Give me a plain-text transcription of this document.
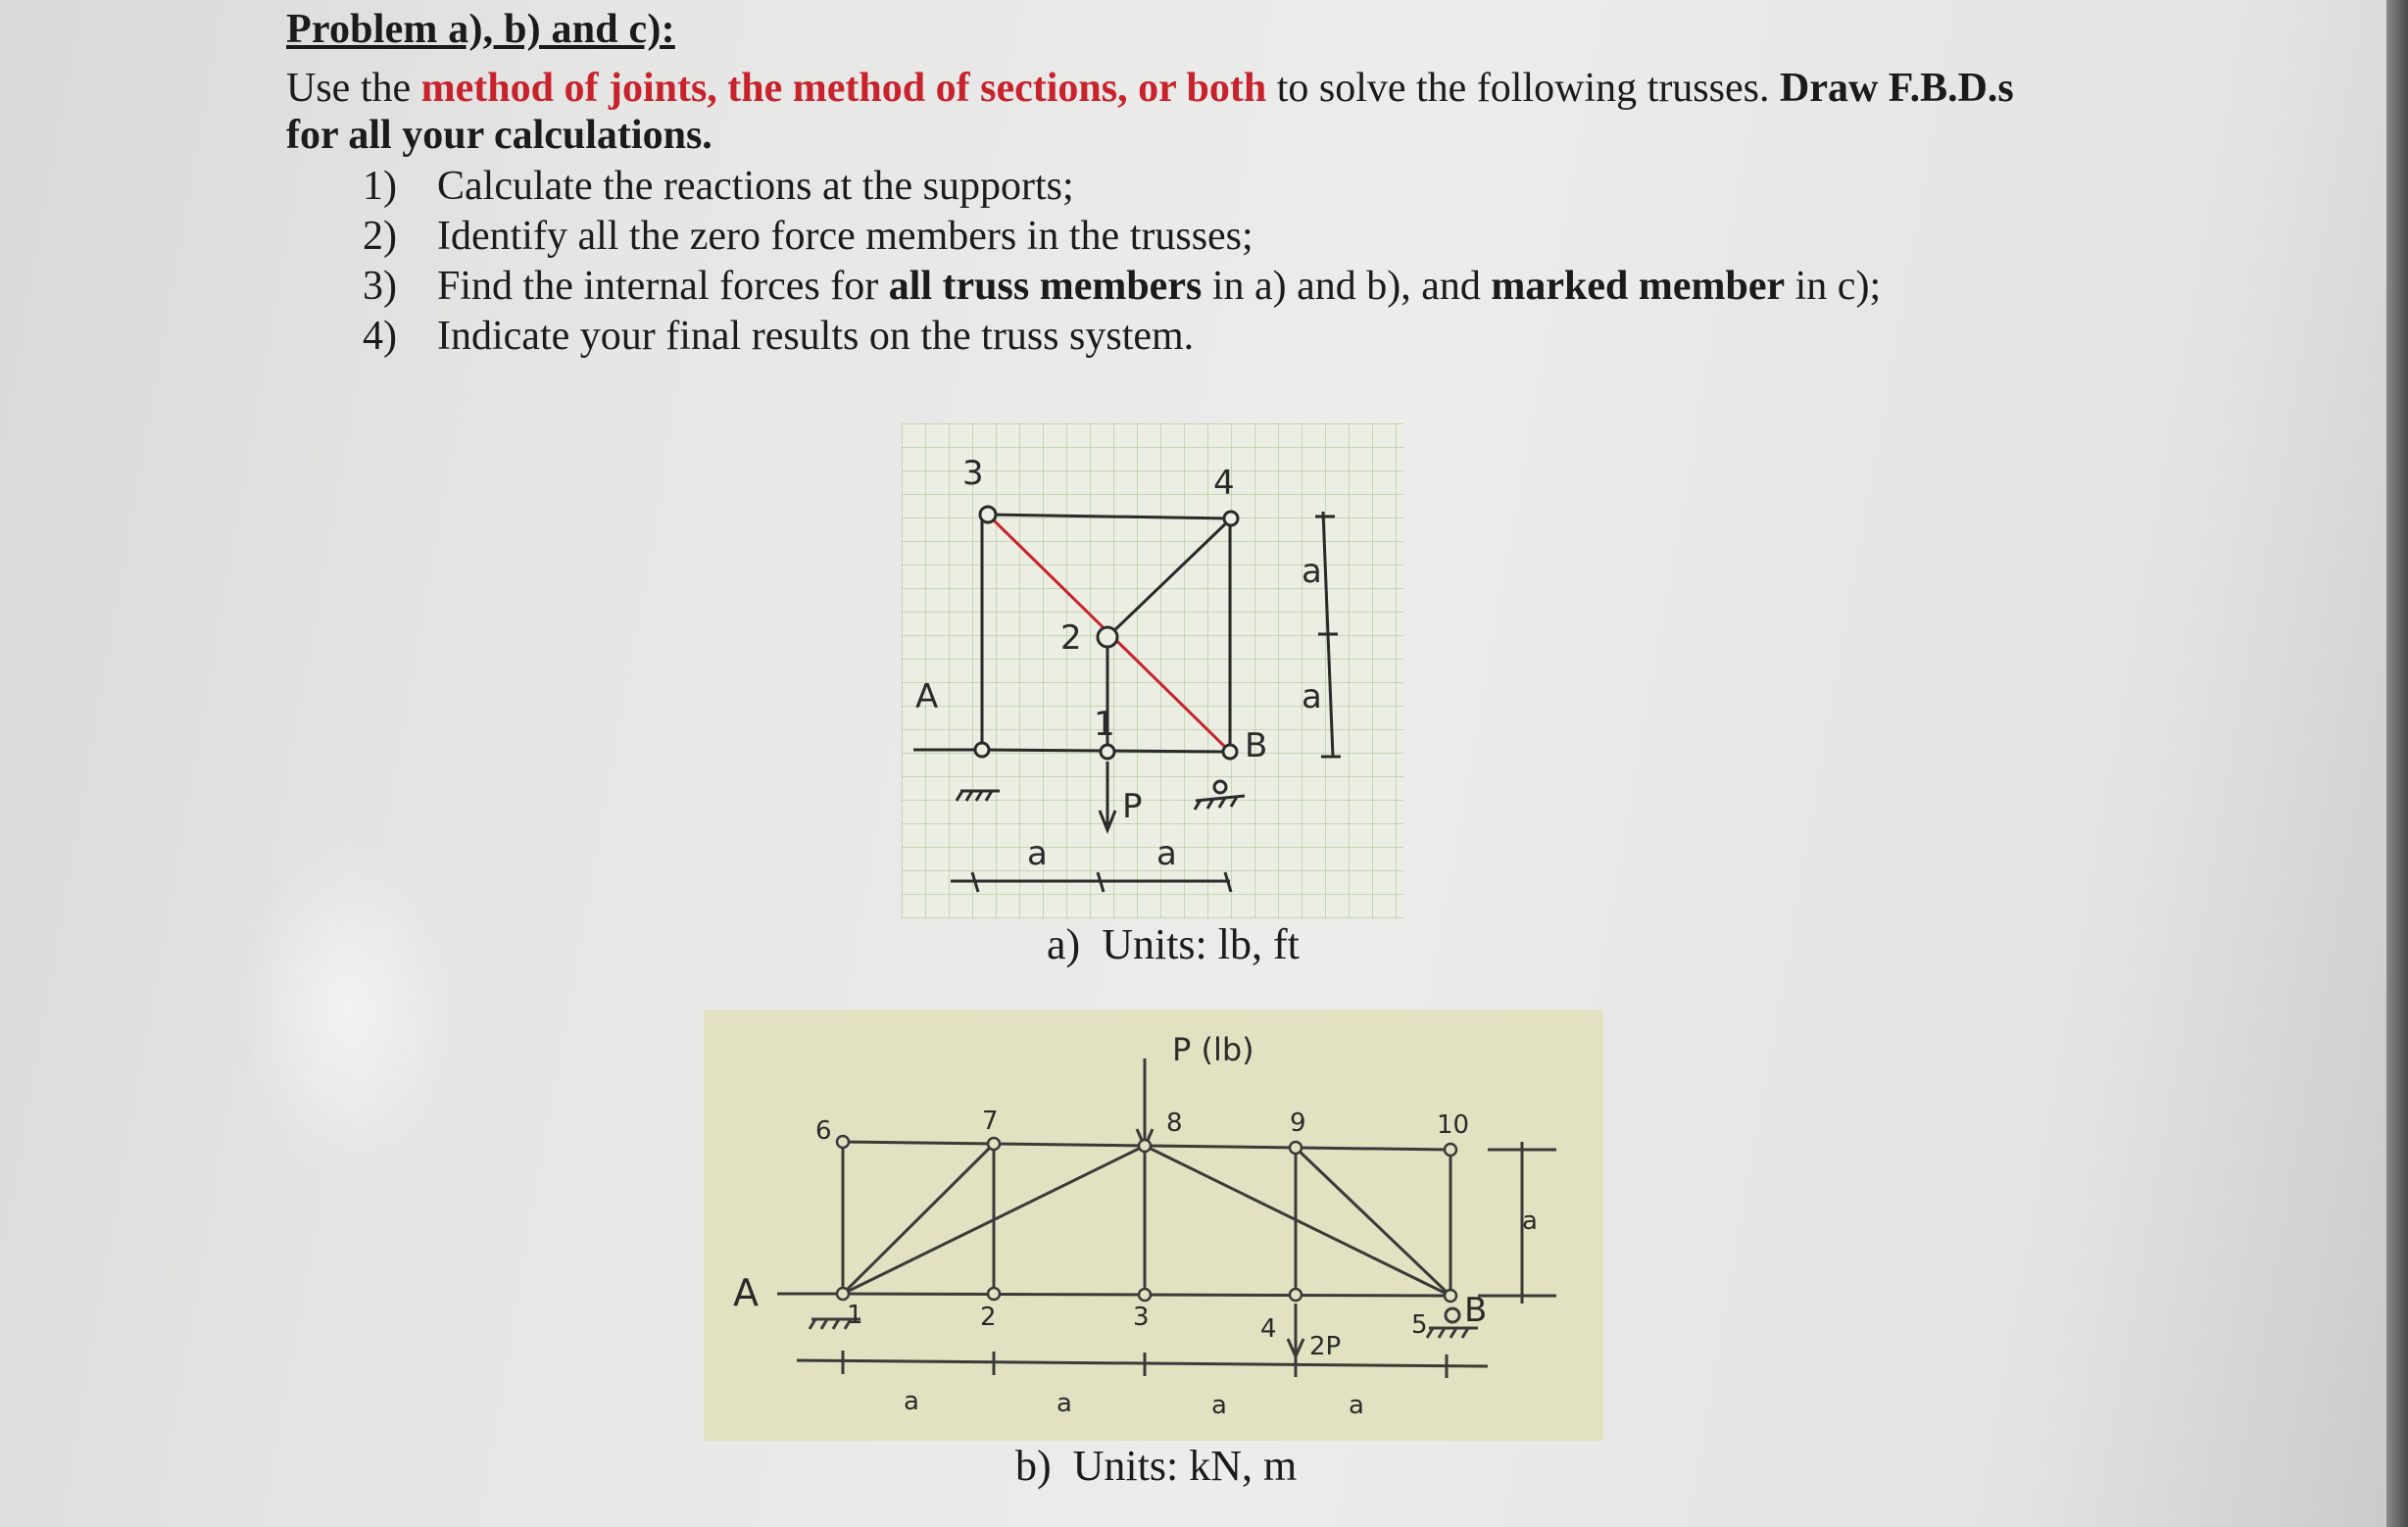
Problem a), b) and c):
Use the method of joints, the method of sections, or both to solve the following trusses. Draw F.B.D.s for all your calculations.
1) Calculate the reactions at the supports;
2) Identify all the zero force members in the trusses;
3) Find the internal forces for all truss members in a) and b), and marked member in c);
4) Indicate your final results on the truss system.
1
2
3	4
A
B
P
a	a
a
a
a) Units: lb, ft
1	2	3	4	5
6	7	8	9	10
A	B
P (lb)
2P
a	a	a	a
a
b) Units: kN, m
